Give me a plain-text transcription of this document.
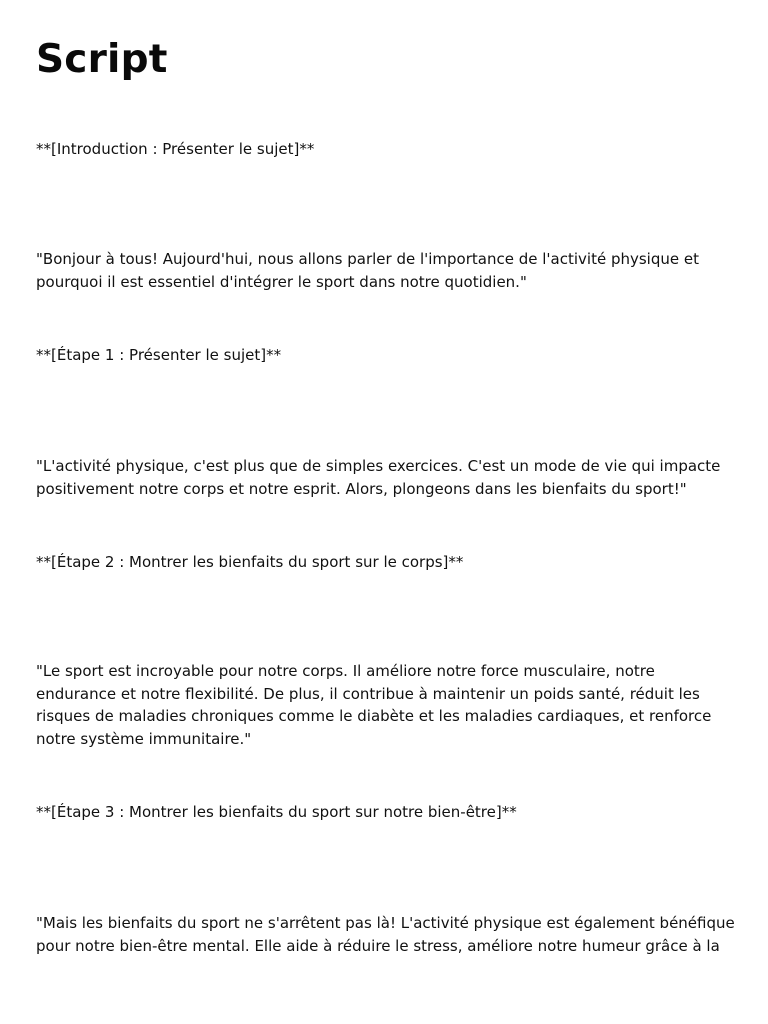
Script

**[Introduction : Présenter le sujet]**

"Bonjour à tous! Aujourd'hui, nous allons parler de l'importance de l'activité physique et pourquoi il est essentiel d'intégrer le sport dans notre quotidien."

**[Étape 1 : Présenter le sujet]**

"L'activité physique, c'est plus que de simples exercices. C'est un mode de vie qui impacte positivement notre corps et notre esprit. Alors, plongeons dans les bienfaits du sport!"

**[Étape 2 : Montrer les bienfaits du sport sur le corps]**

"Le sport est incroyable pour notre corps. Il améliore notre force musculaire, notre endurance et notre flexibilité. De plus, il contribue à maintenir un poids santé, réduit les risques de maladies chroniques comme le diabète et les maladies cardiaques, et renforce notre système immunitaire."

**[Étape 3 : Montrer les bienfaits du sport sur notre bien-être]**

"Mais les bienfaits du sport ne s'arrêtent pas là! L'activité physique est également bénéfique pour notre bien-être mental. Elle aide à réduire le stress, améliore notre humeur grâce à la
